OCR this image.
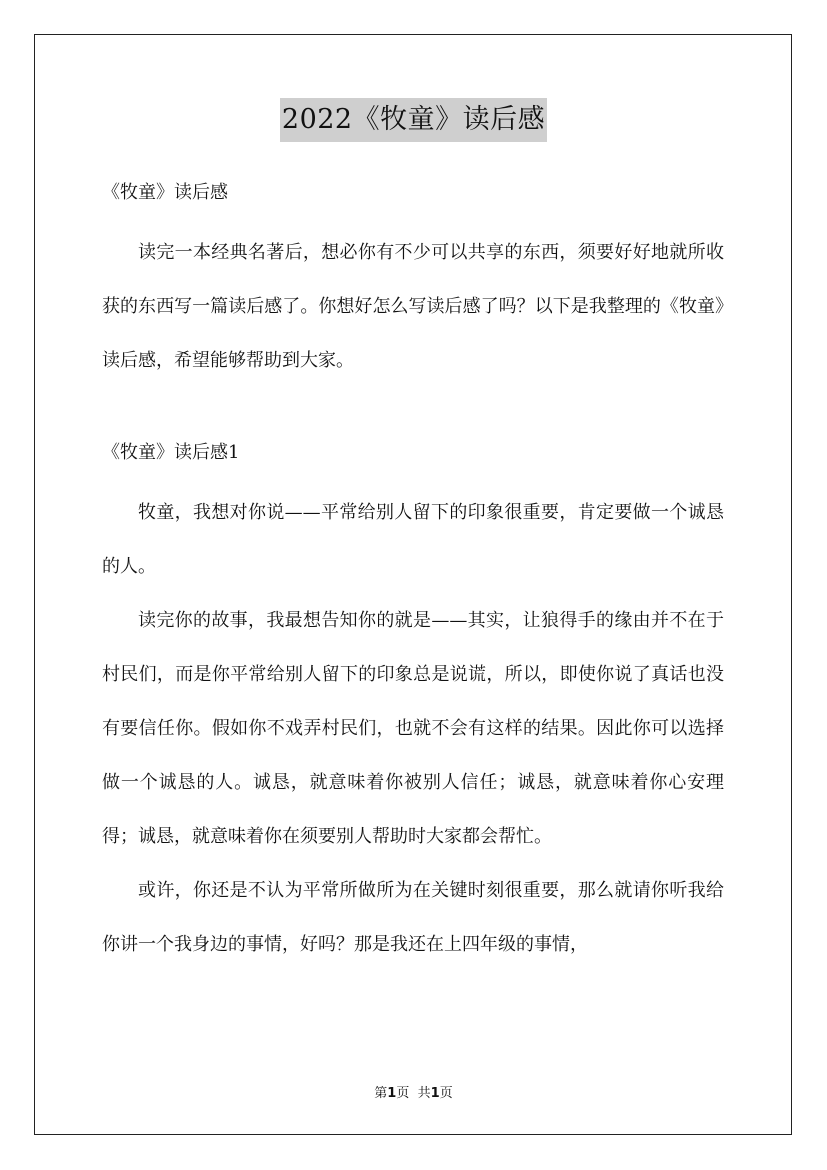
2022《牧童》读后感

《牧童》读后感

读完一本经典名著后，想必你有不少可以共享的东西，须要好好地就所收获的东西写一篇读后感了。你想好怎么写读后感了吗？以下是我整理的《牧童》读后感，希望能够帮助到大家。

《牧童》读后感1

牧童，我想对你说——平常给别人留下的印象很重要，肯定要做一个诚恳的人。

读完你的故事，我最想告知你的就是——其实，让狼得手的缘由并不在于村民们，而是你平常给别人留下的印象总是说谎，所以，即使你说了真话也没有要信任你。假如你不戏弄村民们，也就不会有这样的结果。因此你可以选择做一个诚恳的人。诚恳，就意味着你被别人信任；诚恳，就意味着你心安理得；诚恳，就意味着你在须要别人帮助时大家都会帮忙。

或许，你还是不认为平常所做所为在关键时刻很重要，那么就请你听我给你讲一个我身边的事情，好吗？那是我还在上四年级的事情，

第1页 共1页
